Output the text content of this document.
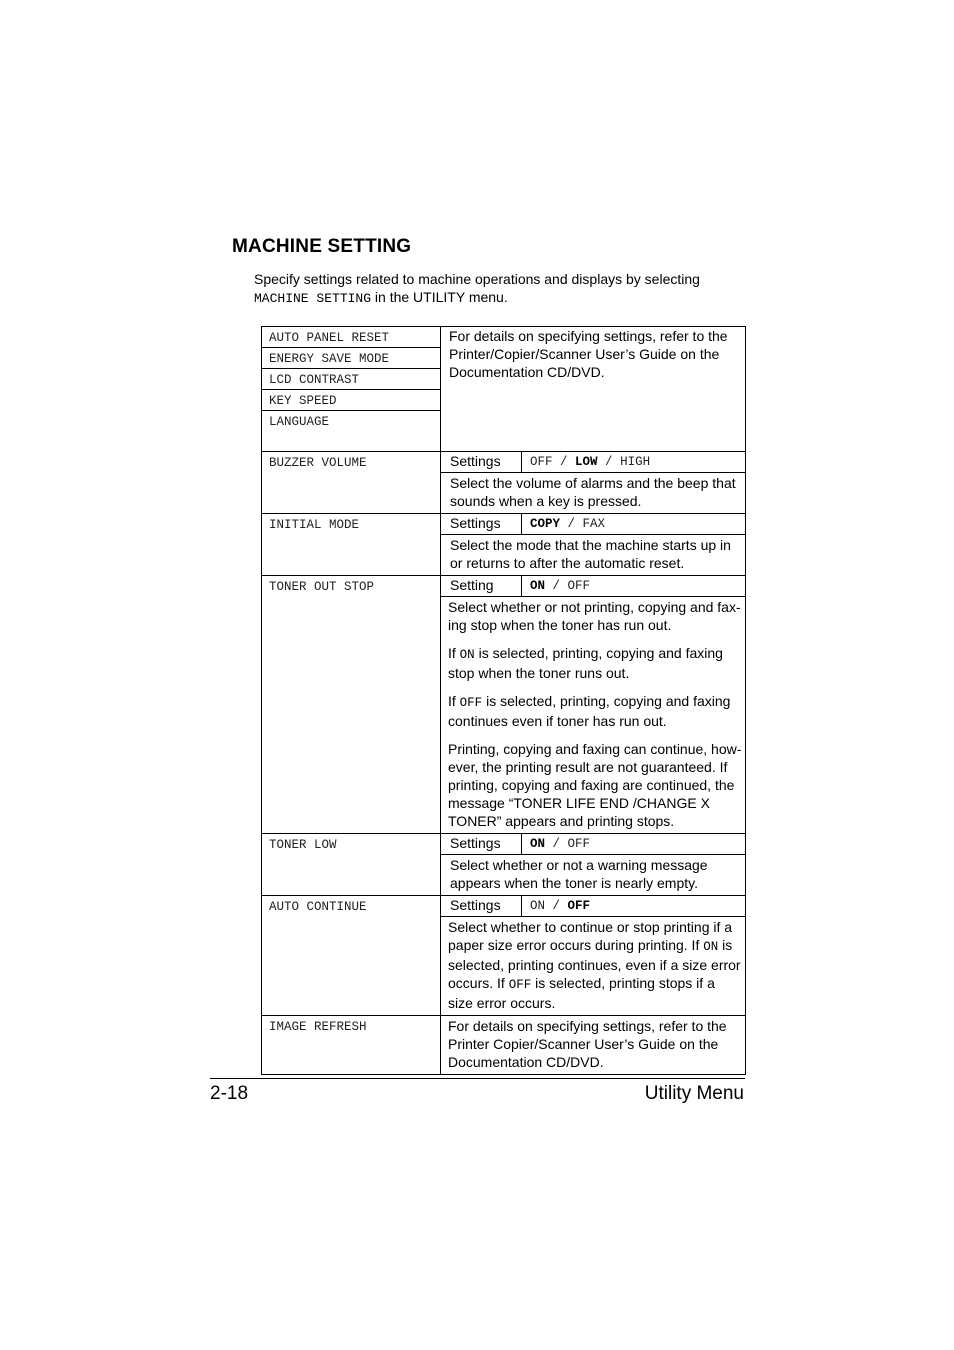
MACHINE SETTING
Specify settings related to machine operations and displays by selecting
MACHINE SETTING in the UTILITY menu.
AUTO PANEL RESET	For details on specifying settings, refer to the Printer/Copier/Scanner User’s Guide on the Documentation CD/DVD.

ENERGY SAVE MODE
LCD CONTRAST
KEY SPEED
LANGUAGE
BUZZER VOLUME		Settings	OFF / LOW / HIGH
Select the volume of alarms and the beep that sounds when a key is pressed.

INITIAL MODE		Settings	COPY / FAX
Select the mode that the machine starts up in or returns to after the automatic reset.

TONER OUT STOP		Setting	ON / OFF

Select whether or not printing, copying and fax-ing stop when the toner has run out.

If ON is selected, printing, copying and faxing stop when the toner runs out.

If OFF is selected, printing, copying and faxing continues even if toner has run out.

Printing, copying and faxing can continue, how-ever, the printing result are not guaranteed. If printing, copying and faxing are continued, the message “TONER LIFE END /CHANGE X TONER” appears and printing stops.

TONER LOW		Settings	ON / OFF
Select whether or not a warning message appears when the toner is nearly empty.

AUTO CONTINUE		Settings	ON / OFF
Select whether to continue or stop printing if a paper size error occurs during printing. If ON is selected, printing continues, even if a size error occurs. If OFF is selected, printing stops if a size error occurs.

IMAGE REFRESH	For details on specifying settings, refer to the Printer Copier/Scanner User’s Guide on the Documentation CD/DVD.
2-18	Utility Menu
